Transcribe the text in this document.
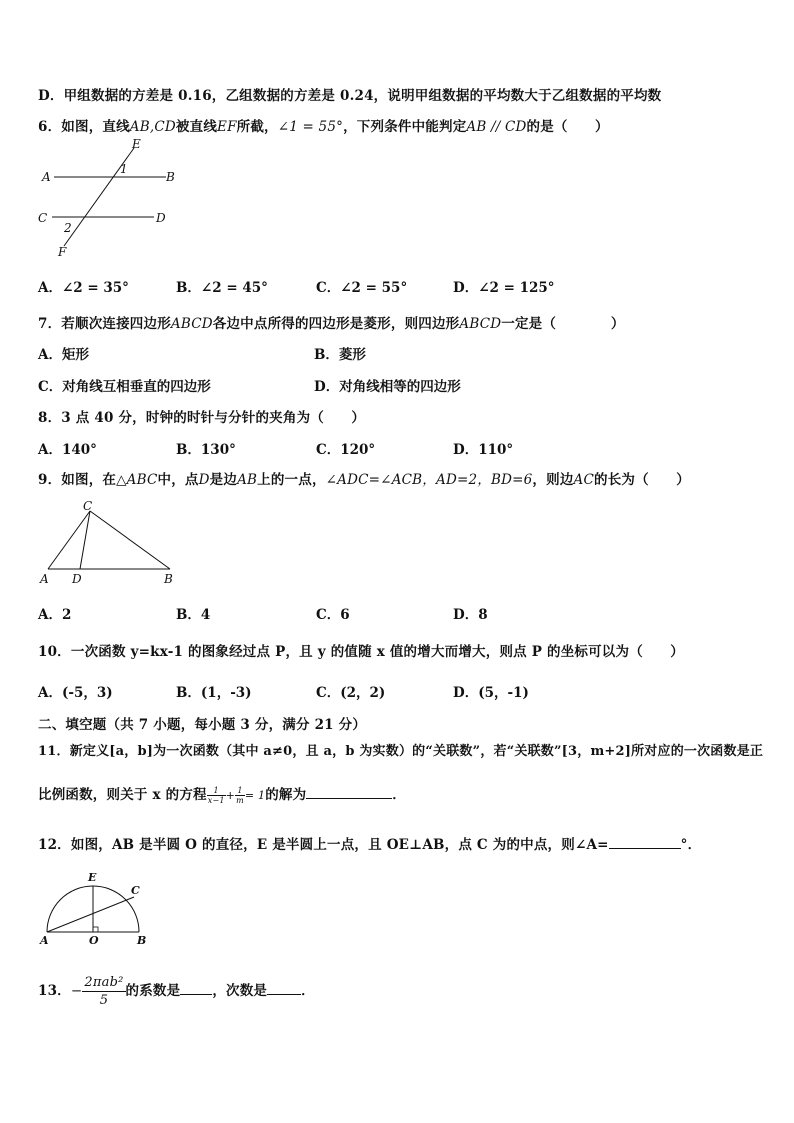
D．甲组数据的方差是 0.16，乙组数据的方差是 0.24，说明甲组数据的平均数大于乙组数据的平均数
6．如图，直线AB,CD被直线EF所截，∠1 = 55°，下列条件中能判定AB // CD的是（　　）
E
A	B
1
C	D
2
F
A．∠2 = 35°	B．∠2 = 45°	C．∠2 = 55°	D．∠2 = 125°
7．若顺次连接四边形ABCD各边中点所得的四边形是菱形，则四边形ABCD一定是（　　　　）
A．矩形	B．菱形
C．对角线互相垂直的四边形	D．对角线相等的四边形
8．3 点 40 分，时钟的时针与分针的夹角为（　　）
A．140°	B．130°	C．120°	D．110°
9．如图，在△ABC中，点D是边AB上的一点，∠ADC=∠ACB，AD=2，BD=6，则边AC的长为（　　）
C
A D	B
A．2	B．4	C．6	D．8
10．一次函数 y=kx-1 的图象经过点 P，且 y 的值随 x 值的增大而增大，则点 P 的坐标可以为（　　）
A．(-5，3)	B．(1，-3)	C．(2，2)	D．(5，-1)
二、填空题（共 7 小题，每小题 3 分，满分 21 分）
11．新定义[a，b]为一次函数（其中 a≠0，且 a，b 为实数）的“关联数”，若“关联数”[3，m+2]所对应的一次函数是正
比例函数，则关于 x 的方程 $\frac{1}{x-1} + \frac{1}{m} = 1$的解为	．
12．如图，AB 是半圆 O 的直径，E 是半圆上一点，且 OE⊥AB，点 C 为的中点，则∠A=	°．
E
C
A	O	B
13．− $\frac{\text{2πab²}}{5}$ 的系数是 ，次数是	．
